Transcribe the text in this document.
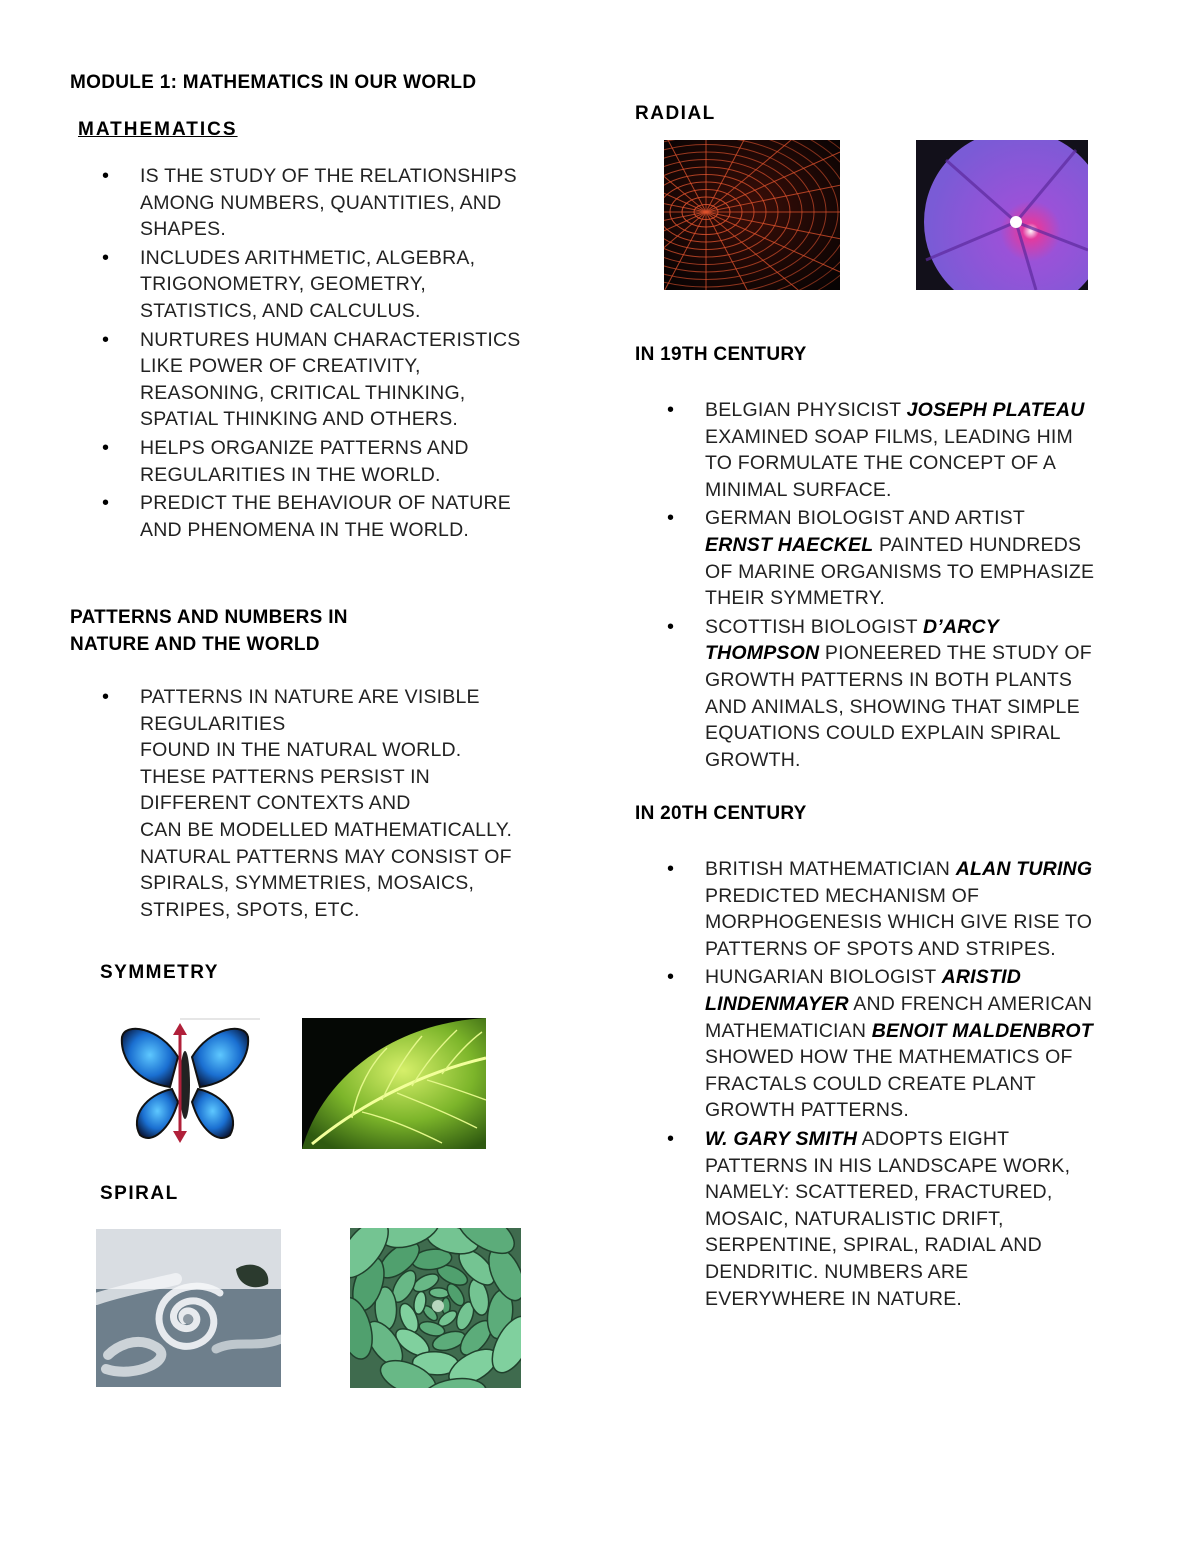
MODULE 1: MATHEMATICS IN OUR WORLD
MATHEMATICS
• IS THE STUDY OF THE RELATIONSHIPS
AMONG NUMBERS, QUANTITIES, AND
SHAPES.
• INCLUDES ARITHMETIC, ALGEBRA,
TRIGONOMETRY, GEOMETRY,
STATISTICS, AND CALCULUS.
• NURTURES HUMAN CHARACTERISTICS
LIKE POWER OF CREATIVITY,
REASONING, CRITICAL THINKING,
SPATIAL THINKING AND OTHERS.
• HELPS ORGANIZE PATTERNS AND
REGULARITIES IN THE WORLD.
• PREDICT THE BEHAVIOUR OF NATURE
AND PHENOMENA IN THE WORLD.
PATTERNS AND NUMBERS IN
NATURE AND THE WORLD
• PATTERNS IN NATURE ARE VISIBLE
REGULARITIES
FOUND IN THE NATURAL WORLD.
THESE PATTERNS PERSIST IN
DIFFERENT CONTEXTS AND
CAN BE MODELLED MATHEMATICALLY.
NATURAL PATTERNS MAY CONSIST OF
SPIRALS, SYMMETRIES, MOSAICS,
STRIPES, SPOTS, ETC.
SYMMETRY
SPIRAL
RADIAL
IN 19TH CENTURY
• BELGIAN PHYSICIST JOSEPH PLATEAU
EXAMINED SOAP FILMS, LEADING HIM
TO FORMULATE THE CONCEPT OF A
MINIMAL SURFACE.
• GERMAN BIOLOGIST AND ARTIST
ERNST HAECKEL PAINTED HUNDREDS
OF MARINE ORGANISMS TO EMPHASIZE
THEIR SYMMETRY.
• SCOTTISH BIOLOGIST D’ARCY
THOMPSON PIONEERED THE STUDY OF
GROWTH PATTERNS IN BOTH PLANTS
AND ANIMALS, SHOWING THAT SIMPLE
EQUATIONS COULD EXPLAIN SPIRAL
GROWTH.
IN 20TH CENTURY
• BRITISH MATHEMATICIAN ALAN TURING
PREDICTED MECHANISM OF
MORPHOGENESIS WHICH GIVE RISE TO
PATTERNS OF SPOTS AND STRIPES.
• HUNGARIAN BIOLOGIST ARISTID
LINDENMAYER AND FRENCH AMERICAN
MATHEMATICIAN BENOIT MALDENBROT
SHOWED HOW THE MATHEMATICS OF
FRACTALS COULD CREATE PLANT
GROWTH PATTERNS.
• W. GARY SMITH ADOPTS EIGHT
PATTERNS IN HIS LANDSCAPE WORK,
NAMELY: SCATTERED, FRACTURED,
MOSAIC, NATURALISTIC DRIFT,
SERPENTINE, SPIRAL, RADIAL AND
DENDRITIC. NUMBERS ARE
EVERYWHERE IN NATURE.
